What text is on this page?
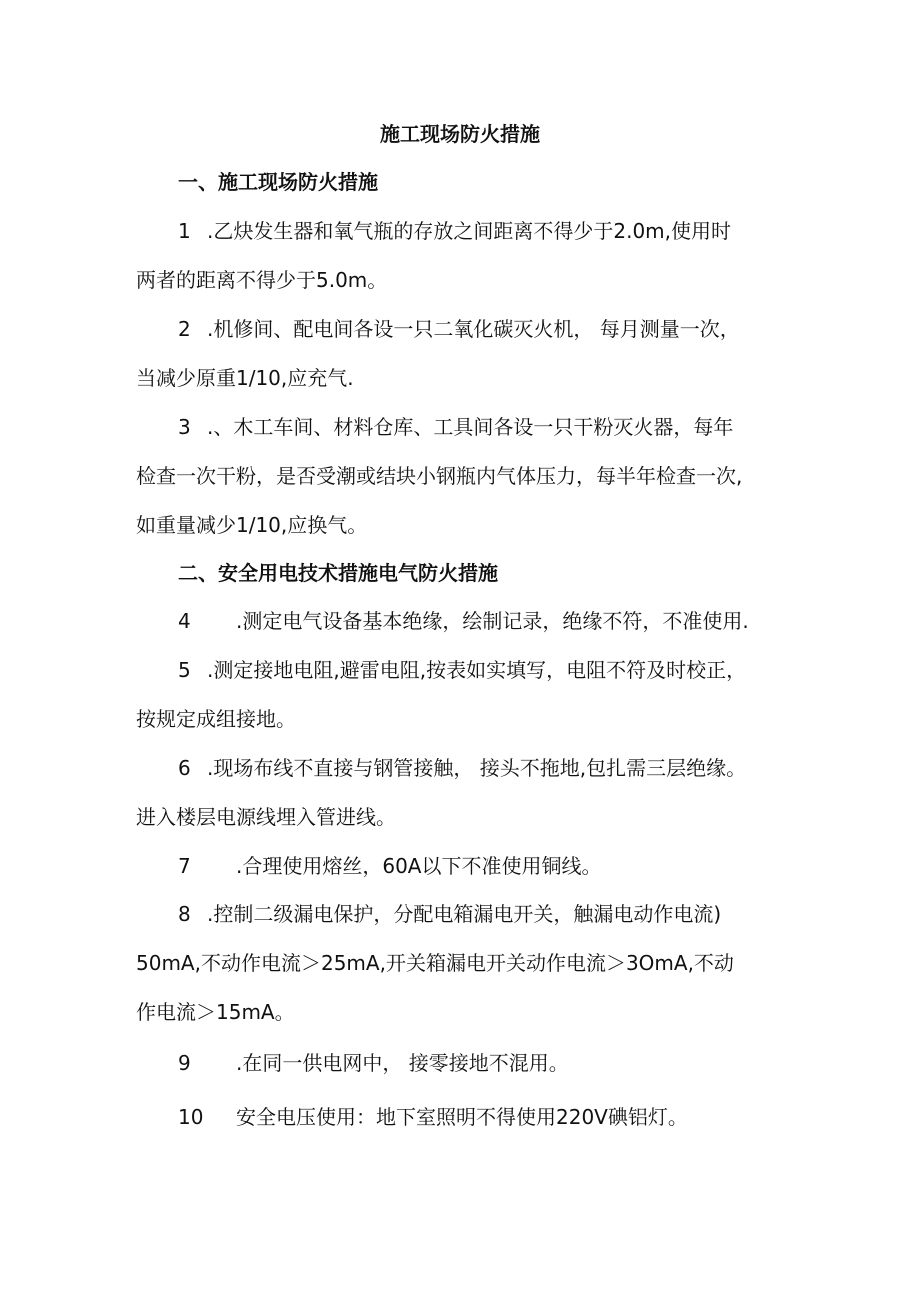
施工现场防火措施
一、施工现场防火措施
1 .乙炔发生器和氧气瓶的存放之间距离不得少于2.0m,使用时
两者的距离不得少于5.0m。
2 .机修间、配电间各设一只二氧化碳灭火机， 每月测量一次，
当减少原重1/10,应充气.
3 .、木工车间、材料仓库、工具间各设一只干粉灭火器，每年
检查一次干粉，是否受潮或结块小钢瓶内气体压力，每半年检查一次,
如重量减少1/10,应换气。
二、安全用电技术措施电气防火措施
4 .测定电气设备基本绝缘，绘制记录，绝缘不符，不准使用.
5 .测定接地电阻,避雷电阻,按表如实填写，电阻不符及时校正，
按规定成组接地。
6 .现场布线不直接与钢管接触， 接头不拖地,包扎需三层绝缘。
进入楼层电源线埋入管进线。
7 .合理使用熔丝，60A以下不准使用铜线。
8 .控制二级漏电保护，分配电箱漏电开关，触漏电动作电流)
50mA,不动作电流＞25mA,开关箱漏电开关动作电流＞3OmA,不动
作电流＞15mA。
9 .在同一供电网中， 接零接地不混用。
10 安全电压使用：地下室照明不得使用220V碘铝灯。
